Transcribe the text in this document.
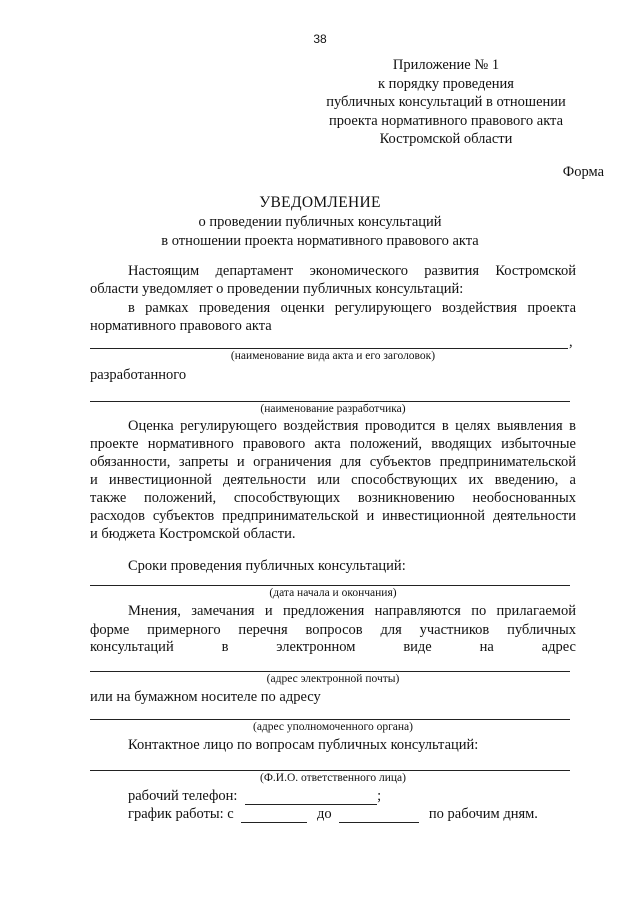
38
Приложение № 1
к порядку проведения
публичных консультаций в отношении
проекта нормативного правового акта
Костромской области
Форма
УВЕДОМЛЕНИЕ
о проведении публичных консультаций
в отношении проекта нормативного правового акта
Настоящим департамент экономического развития Костромской
области уведомляет о проведении публичных консультаций:
в рамках проведения оценки регулирующего воздействия проекта
нормативного правового акта
,
(наименование вида акта и его заголовок)
разработанного
(наименование разработчика)
Оценка регулирующего воздействия проводится в целях выявления в
проекте нормативного правового акта положений, вводящих избыточные
обязанности, запреты и ограничения для субъектов предпринимательской
и инвестиционной деятельности или способствующих их введению, а
также положений, способствующих возникновению необоснованных
расходов субъектов предпринимательской и инвестиционной деятельности
и бюджета Костромской области.
Сроки проведения публичных консультаций:
(дата начала и окончания)
Мнения, замечания и предложения направляются по прилагаемой
форме примерного перечня вопросов для участников публичных
консультаций	в	электронном	виде	на	адрес
(адрес электронной почты)
или на бумажном носителе по адресу
(адрес уполномоченного органа)
Контактное лицо по вопросам публичных консультаций:
(Ф.И.О. ответственного лица)
рабочий телефон:	;
график работы: с	до	по рабочим дням.
